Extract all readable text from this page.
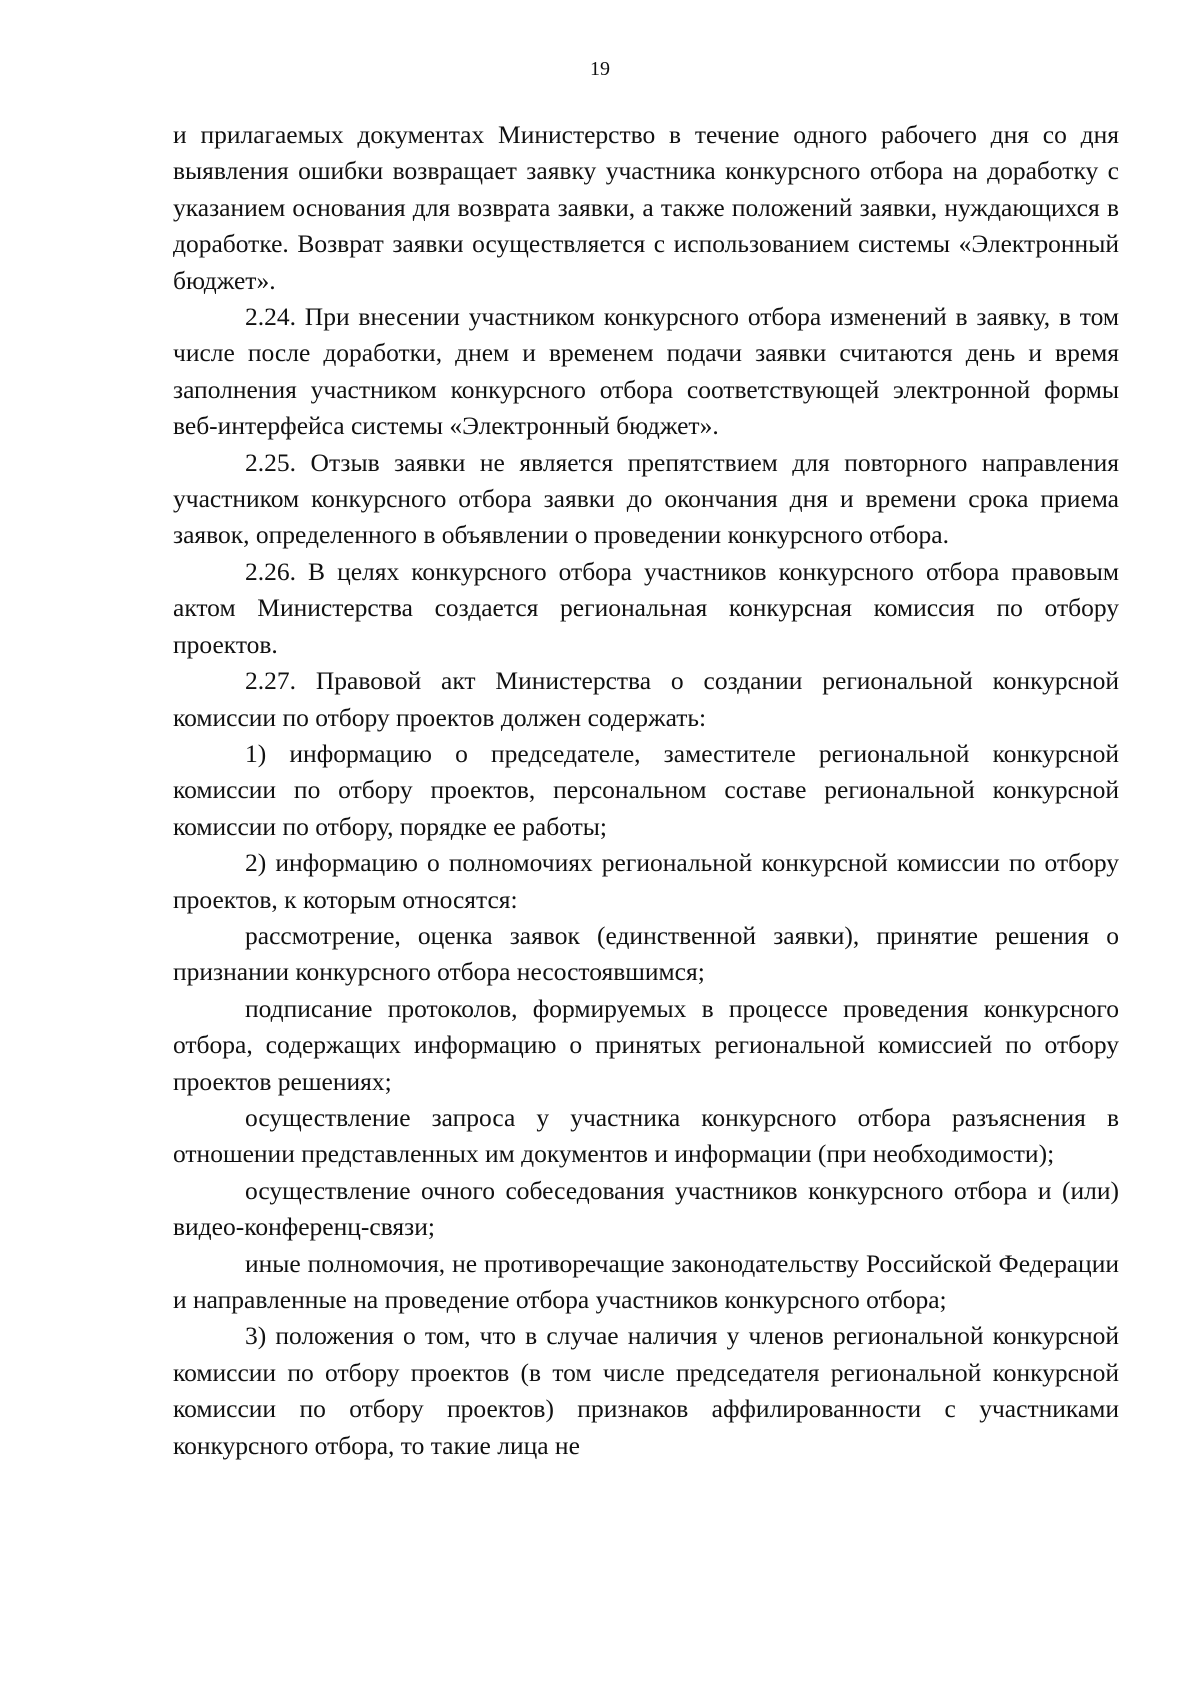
19

и прилагаемых документах Министерство в течение одного рабочего дня со дня выявления ошибки возвращает заявку участника конкурсного отбора на доработку с указанием основания для возврата заявки, а также положений заявки, нуждающихся в доработке. Возврат заявки осуществляется с использованием системы «Электронный бюджет».

2.24. При внесении участником конкурсного отбора изменений в заявку, в том числе после доработки, днем и временем подачи заявки считаются день и время заполнения участником конкурсного отбора соответствующей электронной формы веб-интерфейса системы «Электронный бюджет».

2.25. Отзыв заявки не является препятствием для повторного направления участником конкурсного отбора заявки до окончания дня и времени срока приема заявок, определенного в объявлении о проведении конкурсного отбора.

2.26. В целях конкурсного отбора участников конкурсного отбора правовым актом Министерства создается региональная конкурсная комиссия по отбору проектов.

2.27. Правовой акт Министерства о создании региональной конкурсной комиссии по отбору проектов должен содержать:

1) информацию о председателе, заместителе региональной конкурсной комиссии по отбору проектов, персональном составе региональной конкурсной комиссии по отбору, порядке ее работы;

2) информацию о полномочиях региональной конкурсной комиссии по отбору проектов, к которым относятся:

рассмотрение, оценка заявок (единственной заявки), принятие решения о признании конкурсного отбора несостоявшимся;

подписание протоколов, формируемых в процессе проведения конкурсного отбора, содержащих информацию о принятых региональной комиссией по отбору проектов решениях;

осуществление запроса у участника конкурсного отбора разъяснения в отношении представленных им документов и информации (при необходимости);

осуществление очного собеседования участников конкурсного отбора и (или) видео-конференц-связи;

иные полномочия, не противоречащие законодательству Российской Федерации и направленные на проведение отбора участников конкурсного отбора;

3) положения о том, что в случае наличия у членов региональной конкурсной комиссии по отбору проектов (в том числе председателя региональной конкурсной комиссии по отбору проектов) признаков аффилированности с участниками конкурсного отбора, то такие лица не
